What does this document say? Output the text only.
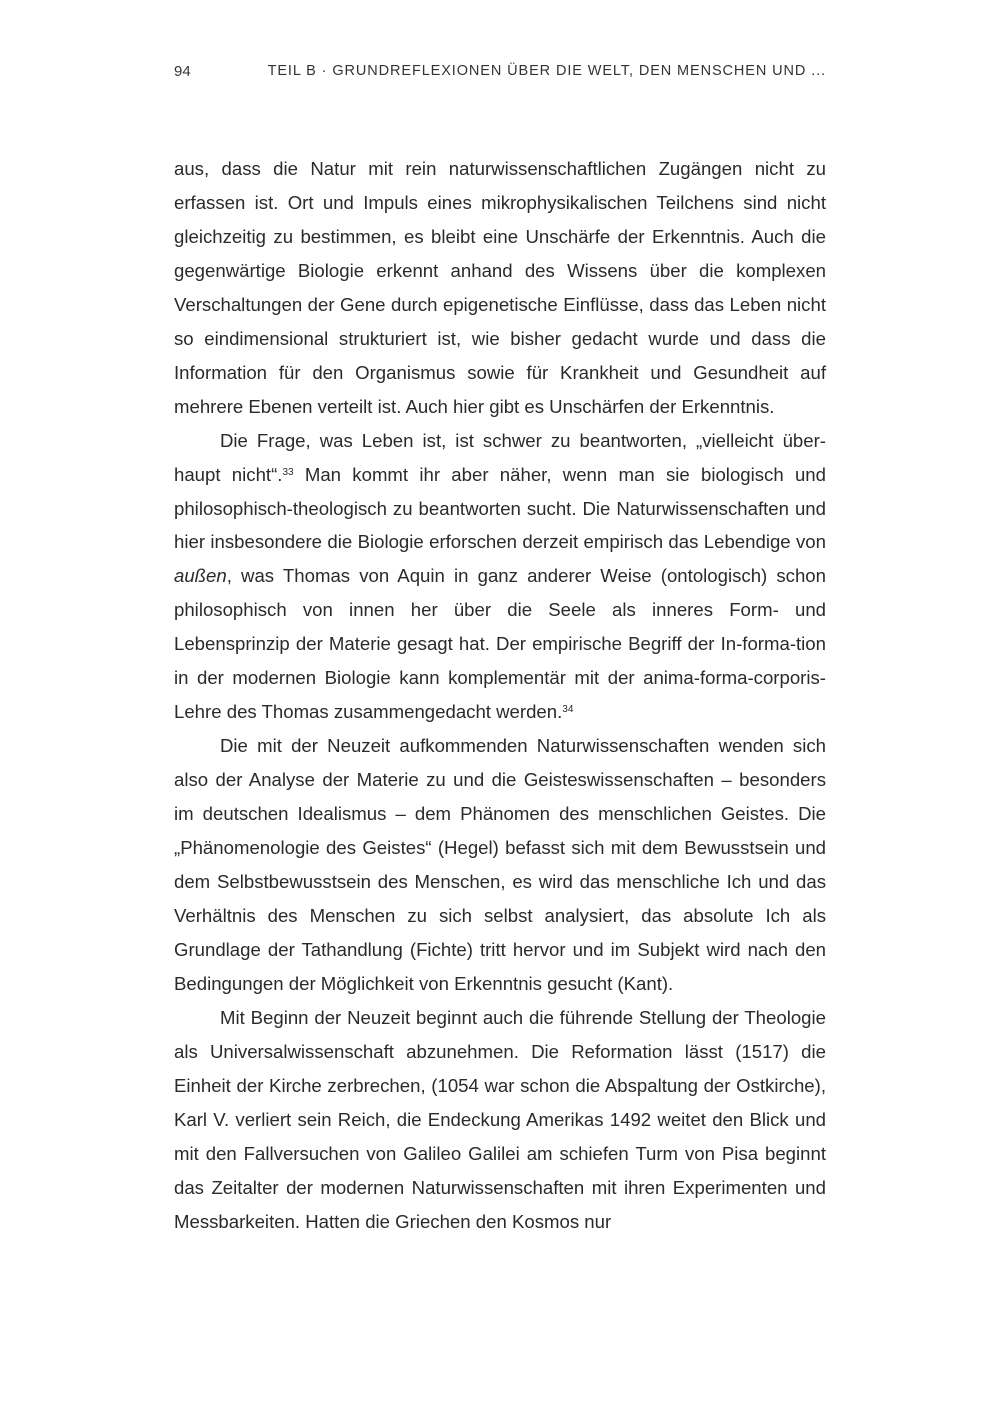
94	TEIL B · GRUNDREFLEXIONEN ÜBER DIE WELT, DEN MENSCHEN UND ...

aus, dass die Natur mit rein naturwissenschaftlichen Zugängen nicht zu erfassen ist. Ort und Impuls eines mikrophysikalischen Teilchens sind nicht gleichzeitig zu bestimmen, es bleibt eine Unschärfe der Erkenntnis. Auch die gegenwärtige Biologie erkennt anhand des Wissens über die komplexen Verschaltungen der Gene durch epigenetische Einflüsse, dass das Leben nicht so eindimensional strukturiert ist, wie bisher gedacht wurde und dass die Information für den Organismus sowie für Krankheit und Gesundheit auf mehrere Ebenen verteilt ist. Auch hier gibt es Unschärfen der Erkenntnis.

Die Frage, was Leben ist, ist schwer zu beantworten, „vielleicht überhaupt nicht“.$^{33}$ Man kommt ihr aber näher, wenn man sie biologisch und philosophisch-theologisch zu beantworten sucht. Die Naturwissenschaften und hier insbesondere die Biologie erforschen derzeit empirisch das Lebendige von außen, was Thomas von Aquin in ganz anderer Weise (ontologisch) schon philosophisch von innen her über die Seele als inneres Form- und Lebensprinzip der Materie gesagt hat. Der empirische Begriff der In-forma-tion in der modernen Biologie kann komplementär mit der anima-forma-corporis-Lehre des Thomas zusammengedacht werden.$^{34}$

Die mit der Neuzeit aufkommenden Naturwissenschaften wenden sich also der Analyse der Materie zu und die Geisteswissenschaften – besonders im deutschen Idealismus – dem Phänomen des menschlichen Geistes. Die „Phänomenologie des Geistes“ (Hegel) befasst sich mit dem Bewusstsein und dem Selbstbewusstsein des Menschen, es wird das menschliche Ich und das Verhältnis des Menschen zu sich selbst analysiert, das absolute Ich als Grundlage der Tathandlung (Fichte) tritt hervor und im Subjekt wird nach den Bedingungen der Möglichkeit von Erkenntnis gesucht (Kant).

Mit Beginn der Neuzeit beginnt auch die führende Stellung der Theologie als Universalwissenschaft abzunehmen. Die Reformation lässt (1517) die Einheit der Kirche zerbrechen, (1054 war schon die Abspaltung der Ostkirche), Karl V. verliert sein Reich, die Endeckung Amerikas 1492 weitet den Blick und mit den Fallversuchen von Galileo Galilei am schiefen Turm von Pisa beginnt das Zeitalter der modernen Naturwissenschaften mit ihren Experimenten und Messbarkeiten. Hatten die Griechen den Kosmos nur
